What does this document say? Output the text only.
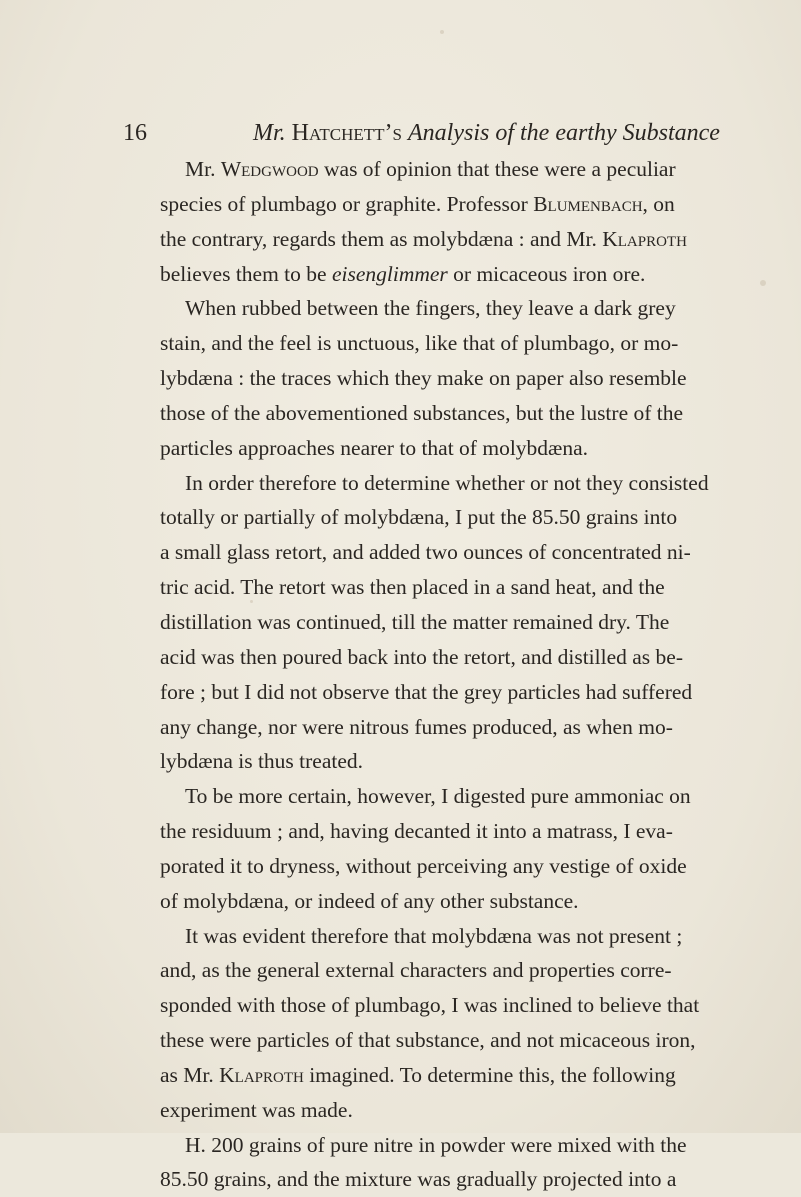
16	Mr. Hatchett’s Analysis of the earthy Substance
Mr. Wedgwood was of opinion that these were a peculiar
species of plumbago or graphite. Professor Blumenbach, on
the contrary, regards them as molybdæna : and Mr. Klaproth
believes them to be eisenglimmer or micaceous iron ore.
When rubbed between the fingers, they leave a dark grey
stain, and the feel is unctuous, like that of plumbago, or mo-
lybdæna : the traces which they make on paper also resemble
those of the abovementioned substances, but the lustre of the
particles approaches nearer to that of molybdæna.
In order therefore to determine whether or not they consisted
totally or partially of molybdæna, I put the 85.50 grains into
a small glass retort, and added two ounces of concentrated ni-
tric acid. The retort was then placed in a sand heat, and the
distillation was continued, till the matter remained dry. The
acid was then poured back into the retort, and distilled as be-
fore ; but I did not observe that the grey particles had suffered
any change, nor were nitrous fumes produced, as when mo-
lybdæna is thus treated.
To be more certain, however, I digested pure ammoniac on
the residuum ; and, having decanted it into a matrass, I eva-
porated it to dryness, without perceiving any vestige of oxide
of molybdæna, or indeed of any other substance.
It was evident therefore that molybdæna was not present ;
and, as the general external characters and properties corre-
sponded with those of plumbago, I was inclined to believe that
these were particles of that substance, and not micaceous iron,
as Mr. Klaproth imagined. To determine this, the following
experiment was made.
H. 200 grains of pure nitre in powder were mixed with the
85.50 grains, and the mixture was gradually projected into a
